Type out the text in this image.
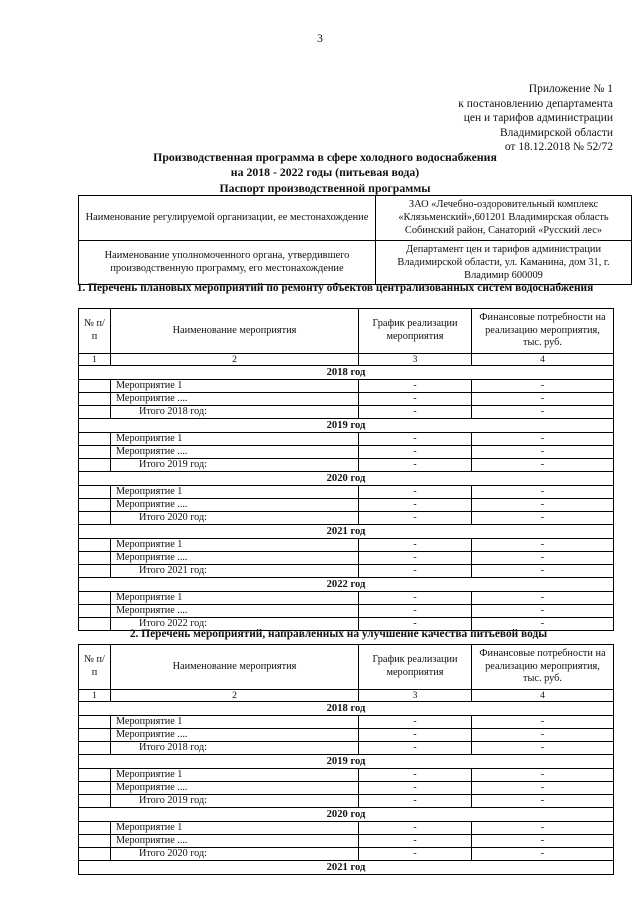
3
Приложение № 1
к постановлению департамента
цен и тарифов администрации
Владимирской области
от 18.12.2018 № 52/72
Производственная программа в сфере холодного водоснабжения
на 2018 - 2022 годы (питьевая вода)
Паспорт производственной программы
Наименование регулируемой организации, ее местонахождение	ЗАО «Лечебно-оздоровительный комплекс «Клязьменский»,601201 Владимирская область Собинский район, Санаторий «Русский лес»
Наименование уполномоченного органа, утвердившего производственную программу, его местонахождение	Департамент цен и тарифов администрации Владимирской области, ул. Каманина, дом 31, г. Владимир 600009
1. Перечень плановых мероприятий по ремонту объектов централизованных систем водоснабжения
№ п/п	Наименование мероприятия	График реализации мероприятия	Финансовые потребности на реализацию мероприятия, тыс. руб.
1	2	3	4
2018 год			
	Мероприятие 1	-	-
	Мероприятие ....	-	-
	Итого 2018 год:	-	-
2019 год			
	Мероприятие 1	-	-
	Мероприятие ....	-	-
	Итого 2019 год:	-	-
2020 год			
	Мероприятие 1	-	-
	Мероприятие ....	-	-
	Итого 2020 год:	-	-
2021 год			
	Мероприятие 1	-	-
	Мероприятие ....	-	-
	Итого 2021 год:	-	-
2022 год			
	Мероприятие 1	-	-
	Мероприятие ....	-	-
	Итого 2022 год:	-	-
2. Перечень мероприятий, направленных на улучшение качества питьевой воды
№ п/п	Наименование мероприятия	График реализации мероприятия	Финансовые потребности на реализацию мероприятия, тыс. руб.
1	2	3	4
2018 год			
	Мероприятие 1	-	-
	Мероприятие ....	-	-
	Итого 2018 год:	-	-
2019 год			
	Мероприятие 1	-	-
	Мероприятие ....	-	-
	Итого 2019 год:	-	-
2020 год			
	Мероприятие 1	-	-
	Мероприятие ....	-	-
	Итого 2020 год:	-	-
2021 год			
